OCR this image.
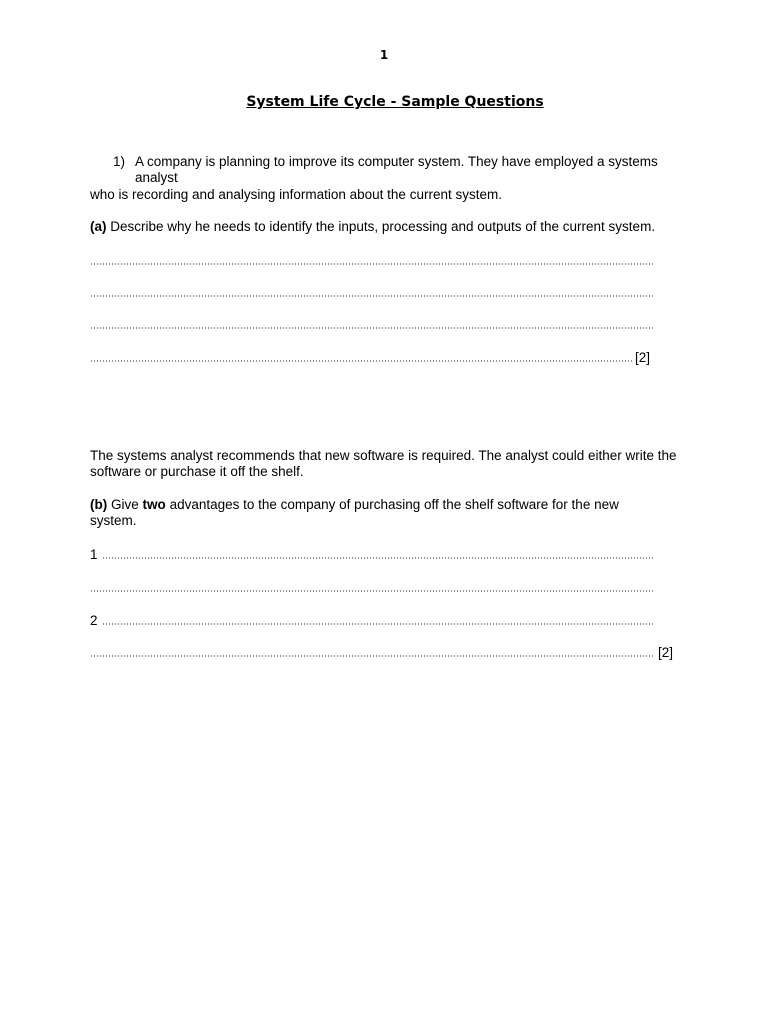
1
System Life Cycle - Sample Questions
1) A company is planning to improve its computer system. They have employed a systems analyst

who is recording and analysing information about the current system.

(a) Describe why he needs to identify the inputs, processing and outputs of the current system.

[2]

The systems analyst recommends that new software is required. The analyst could either write the software or purchase it off the shelf.

(b) Give two advantages to the company of purchasing off the shelf software for the new system.

1
2
[2]
